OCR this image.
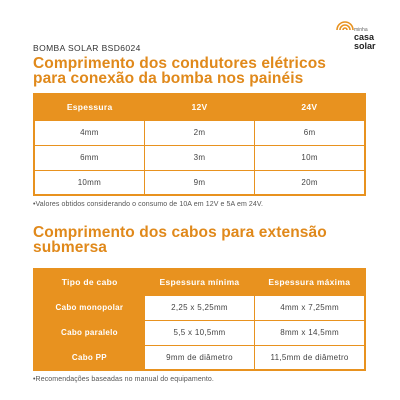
minha
casa
solar
BOMBA SOLAR BSD6024
Comprimento dos condutores elétricos
para conexão da bomba nos painéis
Espessura	12V	24V
4mm	2m	6m
6mm	3m	10m
10mm	9m	20m
•Valores obtidos considerando o consumo de 10A em 12V e 5A em 24V.
Comprimento dos cabos para extensão
submersa
Tipo de cabo	Espessura mínima	Espessura máxima
Cabo monopolar	2,25 x 5,25mm	4mm x 7,25mm
Cabo paralelo	5,5 x 10,5mm	8mm x 14,5mm
Cabo PP	9mm de diâmetro	11,5mm de diâmetro
•Recomendações baseadas no manual do equipamento.
